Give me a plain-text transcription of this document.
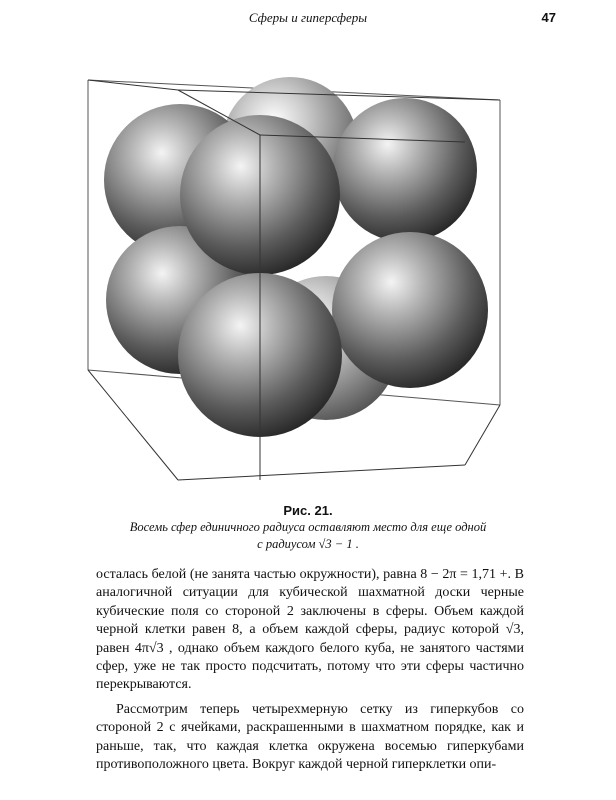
Сферы и гиперсферы	47
Рис. 21.
Восемь сфер единичного радиуса оставляют место для еще одной
с радиусом √3 − 1 .

осталась белой (не занята частью окружности), равна 8 − 2π = 1,71 +. В аналогичной ситуации для кубической шахматной доски черные кубические поля со стороной 2 заключены в сферы. Объем каждой черной клетки равен 8, а объем каждой сферы, радиус которой √3, равен 4π√3 , однако объем каждого белого куба, не занятого частями сфер, уже не так просто подсчитать, потому что эти сферы частично перекрываются.

Рассмотрим теперь четырехмерную сетку из гиперкубов со стороной 2 с ячейками, раскрашенными в шахматном порядке, как и раньше, так, что каждая клетка окружена восемью гиперкубами противоположного цвета. Вокруг каждой черной гиперклетки опи-
